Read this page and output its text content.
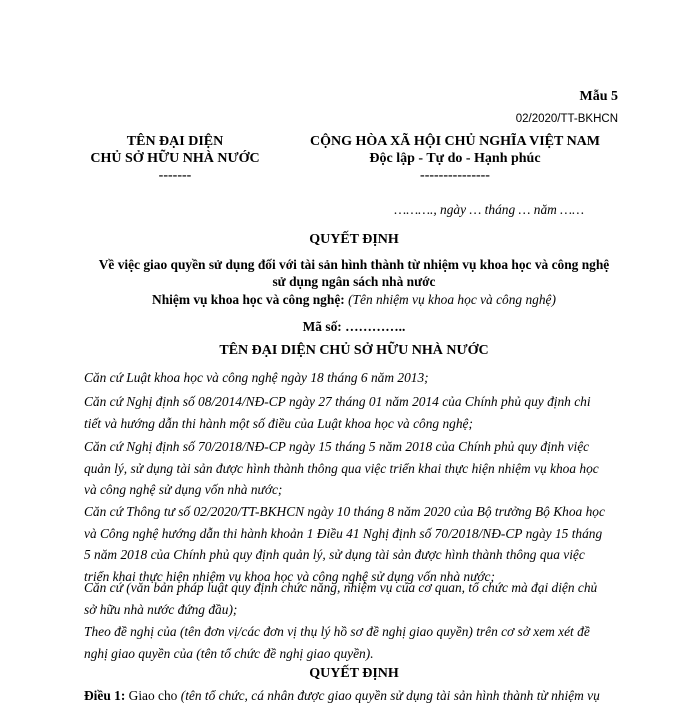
Mẫu 5
02/2020/TT-BKHCN
TÊN ĐẠI DIỆN
CHỦ SỞ HỮU NHÀ NƯỚC
-------
CỘNG HÒA XÃ HỘI CHỦ NGHĨA VIỆT NAM
Độc lập - Tự do - Hạnh phúc
---------------
………., ngày … tháng … năm ……
QUYẾT ĐỊNH
Về việc giao quyền sử dụng đối với tài sản hình thành từ nhiệm vụ khoa học và công nghệ
sử dụng ngân sách nhà nước
Nhiệm vụ khoa học và công nghệ: (Tên nhiệm vụ khoa học và công nghệ)
Mã số: …………..
TÊN ĐẠI DIỆN CHỦ SỞ HỮU NHÀ NƯỚC
Căn cứ Luật khoa học và công nghệ ngày 18 tháng 6 năm 2013;
Căn cứ Nghị định số 08/2014/NĐ-CP ngày 27 tháng 01 năm 2014 của Chính phủ quy định chi
tiết và hướng dẫn thi hành một số điều của Luật khoa học và công nghệ;
Căn cứ Nghị định số 70/2018/NĐ-CP ngày 15 tháng 5 năm 2018 của Chính phủ quy định việc
quản lý, sử dụng tài sản được hình thành thông qua việc triển khai thực hiện nhiệm vụ khoa học
và công nghệ sử dụng vốn nhà nước;
Căn cứ Thông tư số 02/2020/TT-BKHCN ngày 10 tháng 8 năm 2020 của Bộ trưởng Bộ Khoa học
và Công nghệ hướng dẫn thi hành khoản 1 Điều 41 Nghị định số 70/2018/NĐ-CP ngày 15 tháng
5 năm 2018 của Chính phủ quy định quản lý, sử dụng tài sản được hình thành thông qua việc
triển khai thực hiện nhiệm vụ khoa học và công nghệ sử dụng vốn nhà nước;
Căn cứ (văn bản pháp luật quy định chức năng, nhiệm vụ của cơ quan, tổ chức mà đại diện chủ
sở hữu nhà nước đứng đầu);
Theo đề nghị của (tên đơn vị/các đơn vị thụ lý hồ sơ đề nghị giao quyền) trên cơ sở xem xét đề
nghị giao quyền của (tên tổ chức đề nghị giao quyền).
QUYẾT ĐỊNH
Điều 1: Giao cho (tên tổ chức, cá nhân được giao quyền sử dụng tài sản hình thành từ nhiệm vụ
